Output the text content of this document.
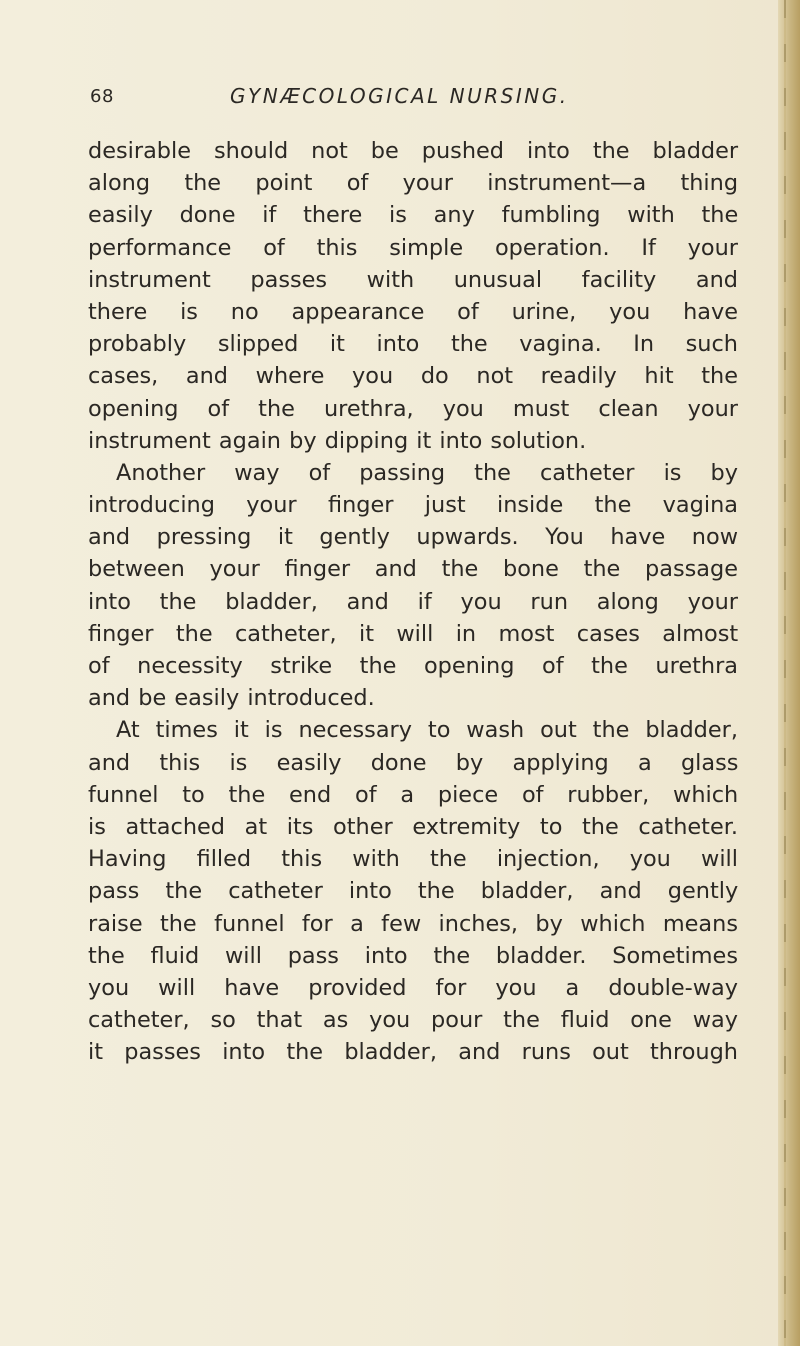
68	GYNÆCOLOGICAL NURSING.
desirable should not be pushed into the bladder
along the point of your instrument—a thing
easily done if there is any fumbling with the
performance of this simple operation. If your
instrument passes with unusual facility and
there is no appearance of urine, you have
probably slipped it into the vagina. In such
cases, and where you do not readily hit the
opening of the urethra, you must clean your
instrument again by dipping it into solution.
Another way of passing the catheter is by
introducing your finger just inside the vagina
and pressing it gently upwards. You have now
between your finger and the bone the passage
into the bladder, and if you run along your
finger the catheter, it will in most cases almost
of necessity strike the opening of the urethra
and be easily introduced.
At times it is necessary to wash out the bladder,
and this is easily done by applying a glass
funnel to the end of a piece of rubber, which
is attached at its other extremity to the catheter.
Having filled this with the injection, you will
pass the catheter into the bladder, and gently
raise the funnel for a few inches, by which means
the fluid will pass into the bladder. Sometimes
you will have provided for you a double-way
catheter, so that as you pour the fluid one way
it passes into the bladder, and runs out through
